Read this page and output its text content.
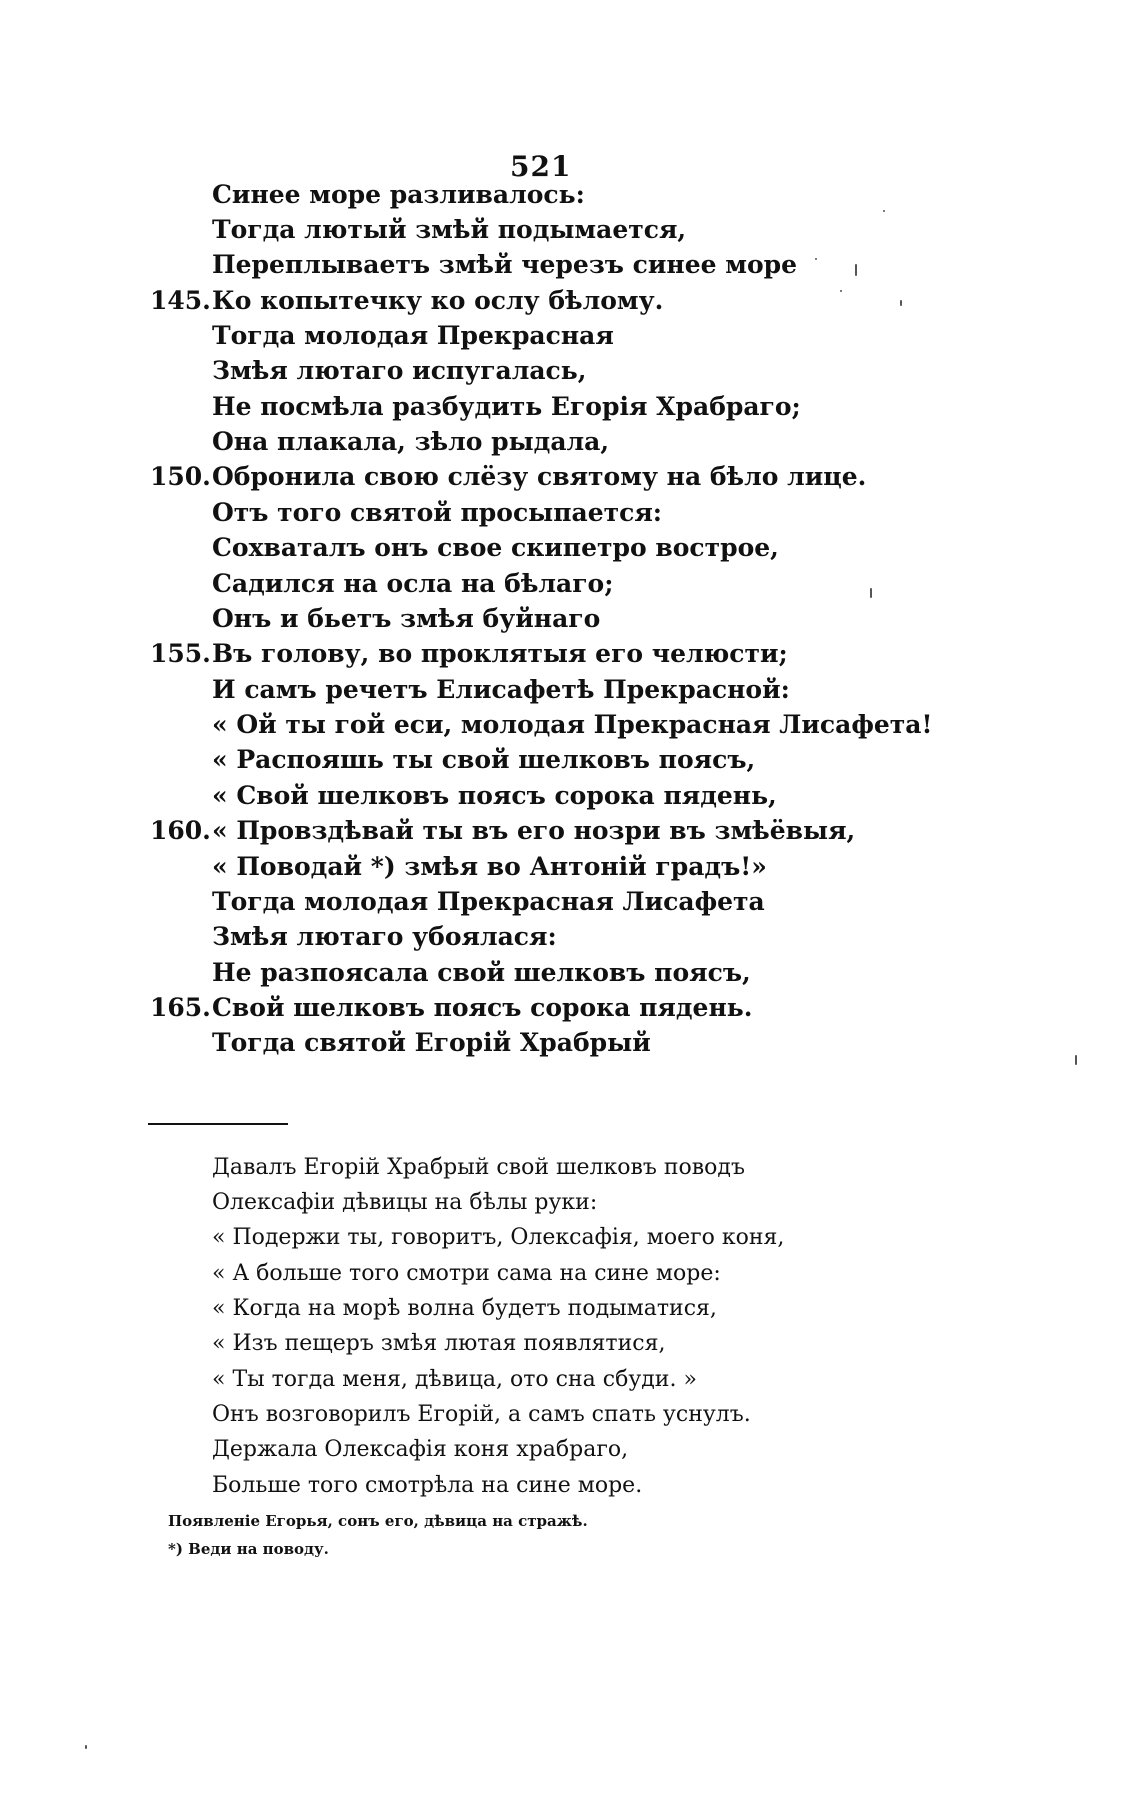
521
Синее море разливалось:
Тогда лютый змѣй подымается,
Переплываетъ змѣй черезъ синее море
145. Ко копытечку ко ослу бѣлому.
Тогда молодая Прекрасная
Змѣя лютаго испугалась,
Не посмѣла разбудить Егорія Храбраго;
Она плакала, зѣло рыдала,
150. Обронила свою слёзу святому на бѣло лице.
Отъ того святой просыпается:
Сохваталъ онъ свое скипетро вострое,
Садился на осла на бѣлаго;
Онъ и бьетъ змѣя буйнаго
155. Въ голову, во проклятыя его челюсти;
И самъ речетъ Елисафетѣ Прекрасной:
« Ой ты гой еси, молодая Прекрасная Лисафета!
« Распояшь ты свой шелковъ поясъ,
« Свой шелковъ поясъ сорока пядень,
160. « Провздѣвай ты въ его нозри въ змѣёвыя,
« Поводай *) змѣя во Антоній градъ!»
Тогда молодая Прекрасная Лисафета
Змѣя лютаго убоялася:
Не разпоясала свой шелковъ поясъ,
165. Свой шелковъ поясъ сорока пядень.
Тогда святой Егорій Храбрый
Давалъ Егорій Храбрый свой шелковъ поводъ
Олексафіи дѣвицы на бѣлы руки:
« Подержи ты, говоритъ, Олексафія, моего коня,
« А больше того смотри сама на сине море:
« Когда на морѣ волна будетъ подыматися,
« Изъ пещеръ змѣя лютая появлятися,
« Ты тогда меня, дѣвица, ото сна сбуди. »
Онъ возговорилъ Егорій, а самъ спать уснулъ.
Держала Олексафія коня храбраго,
Больше того смотрѣла на сине море.
Появленіе Егорья, сонъ его, дѣвица на стражѣ.
*) Веди на поводу.
